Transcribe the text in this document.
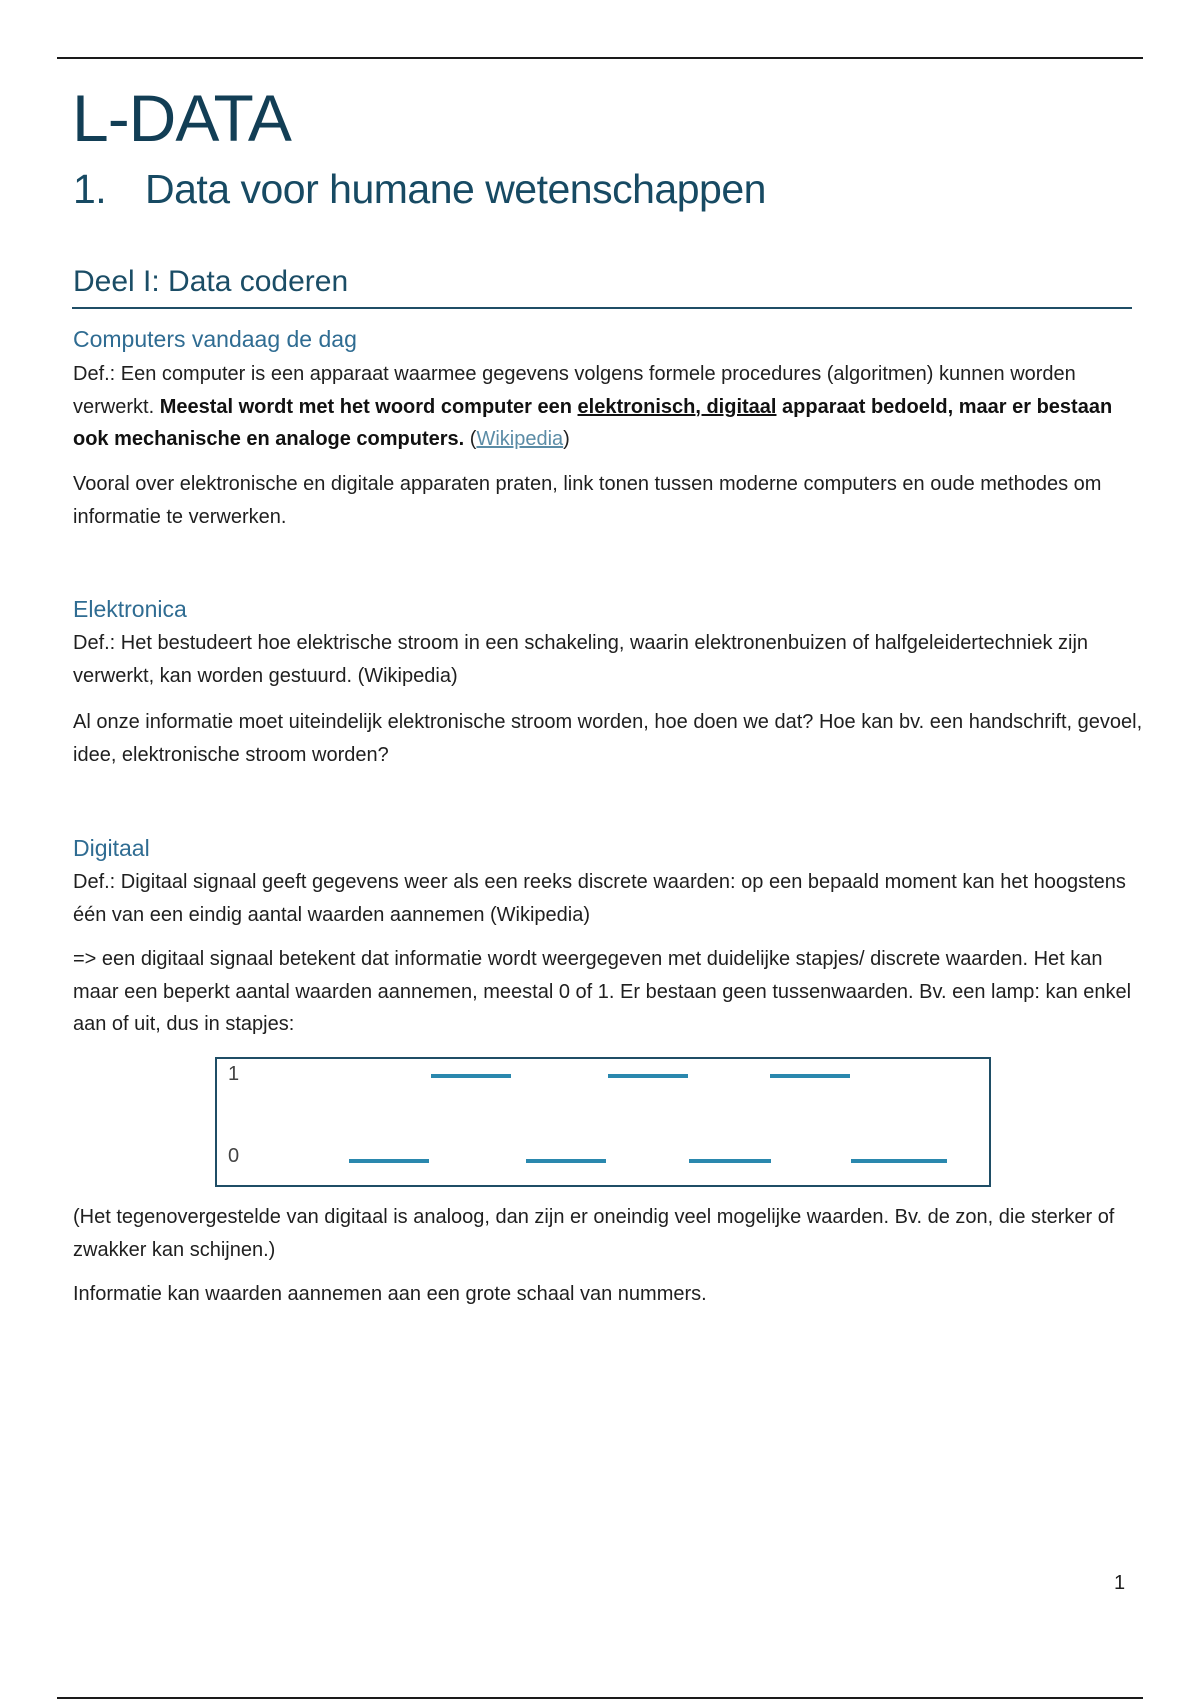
L-DATA
1. Data voor humane wetenschappen
Deel I: Data coderen
Computers vandaag de dag
Def.: Een computer is een apparaat waarmee gegevens volgens formele procedures (algoritmen) kunnen worden verwerkt. Meestal wordt met het woord computer een elektronisch, digitaal apparaat bedoeld, maar er bestaan ook mechanische en analoge computers. (Wikipedia)
Vooral over elektronische en digitale apparaten praten, link tonen tussen moderne computers en oude methodes om informatie te verwerken.
Elektronica
Def.: Het bestudeert hoe elektrische stroom in een schakeling, waarin elektronenbuizen of halfgeleidertechniek zijn verwerkt, kan worden gestuurd. (Wikipedia)
Al onze informatie moet uiteindelijk elektronische stroom worden, hoe doen we dat? Hoe kan bv. een handschrift, gevoel, idee, elektronische stroom worden?
Digitaal
Def.: Digitaal signaal geeft gegevens weer als een reeks discrete waarden: op een bepaald moment kan het hoogstens één van een eindig aantal waarden aannemen (Wikipedia)
=> een digitaal signaal betekent dat informatie wordt weergegeven met duidelijke stapjes/ discrete waarden. Het kan maar een beperkt aantal waarden aannemen, meestal 0 of 1. Er bestaan geen tussenwaarden. Bv. een lamp: kan enkel aan of uit, dus in stapjes:
1
0
(Het tegenovergestelde van digitaal is analoog, dan zijn er oneindig veel mogelijke waarden. Bv. de zon, die sterker of zwakker kan schijnen.)
Informatie kan waarden aannemen aan een grote schaal van nummers.
1
